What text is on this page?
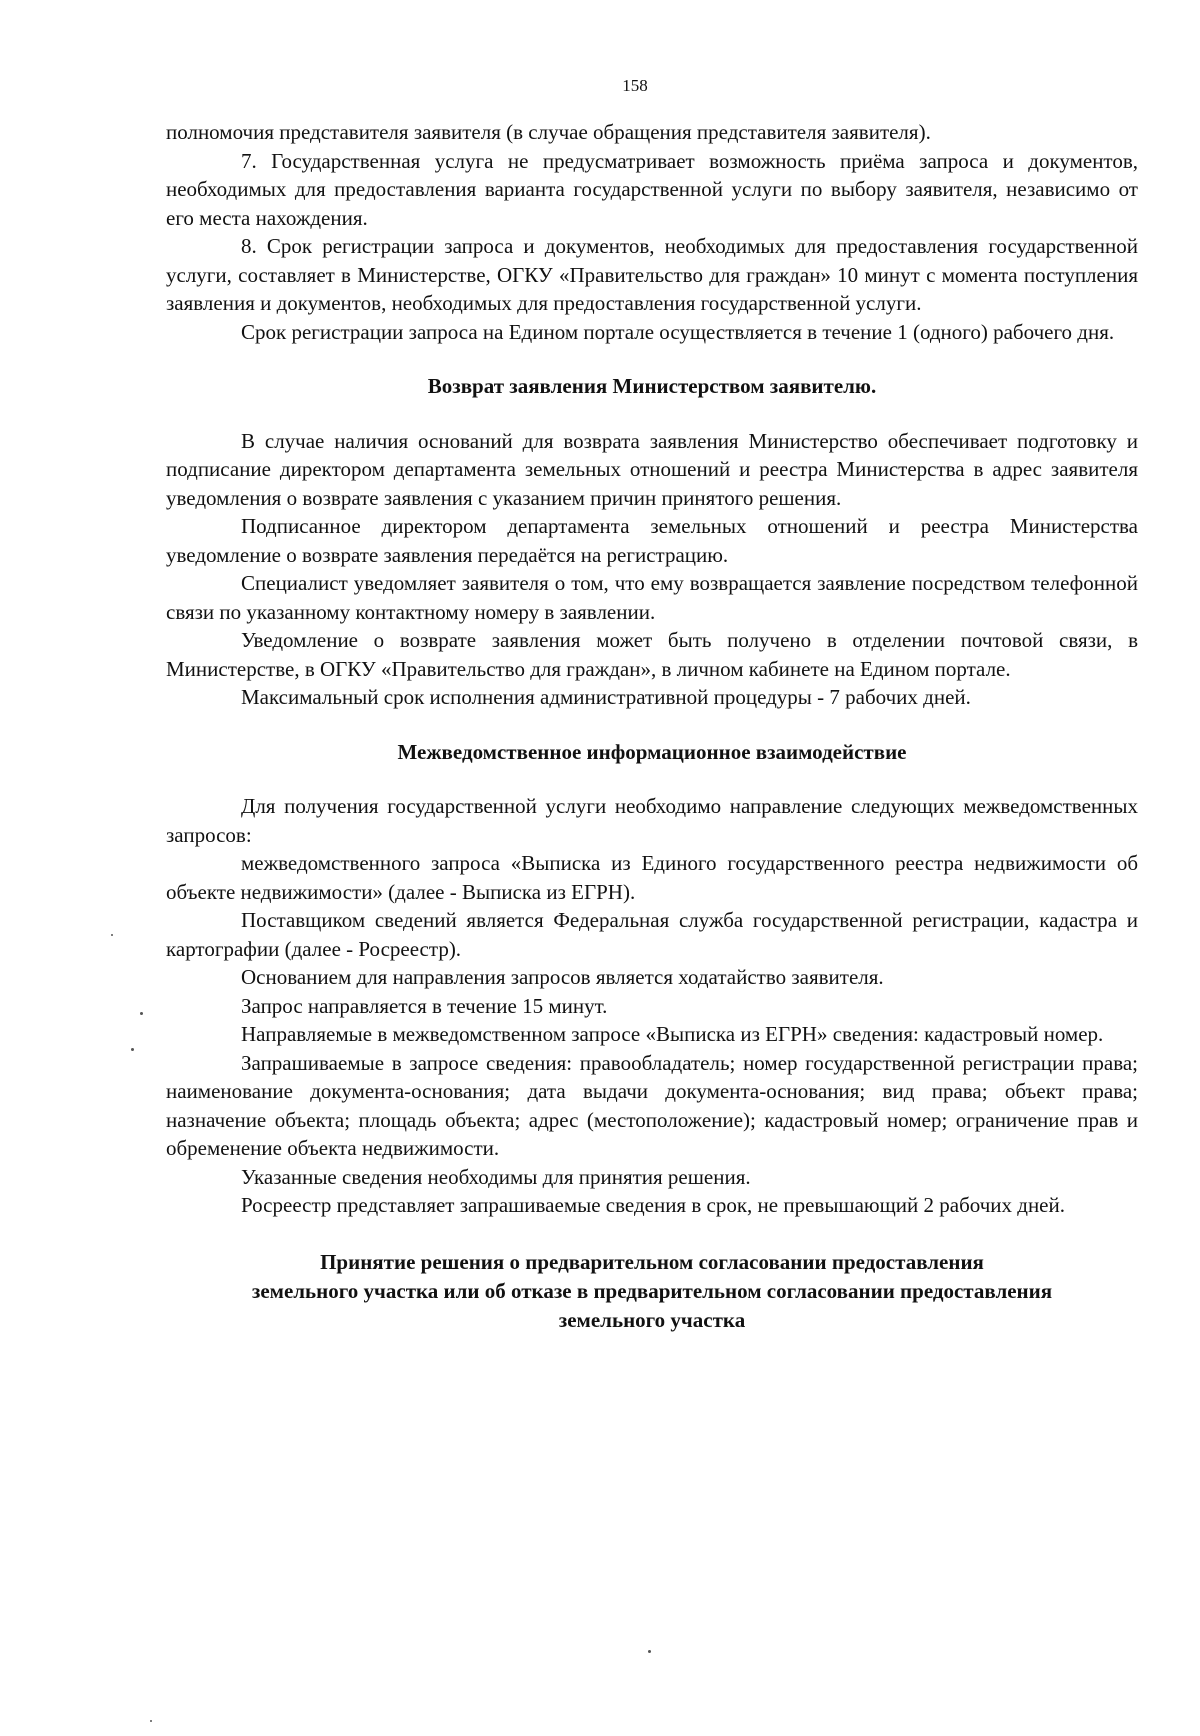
158

полномочия представителя заявителя (в случае обращения представителя заявителя).

7. Государственная услуга не предусматривает возможность приёма запроса и документов, необходимых для предоставления варианта государственной услуги по выбору заявителя, независимо от его места нахождения.

8. Срок регистрации запроса и документов, необходимых для предоставления государственной услуги, составляет в Министерстве, ОГКУ «Правительство для граждан» 10 минут с момента поступления заявления и документов, необходимых для предоставления государственной услуги.

Срок регистрации запроса на Едином портале осуществляется в течение 1 (одного) рабочего дня.

Возврат заявления Министерством заявителю.

В случае наличия оснований для возврата заявления Министерство обеспечивает подготовку и подписание директором департамента земельных отношений и реестра Министерства в адрес заявителя уведомления о возврате заявления с указанием причин принятого решения.

Подписанное директором департамента земельных отношений и реестра Министерства уведомление о возврате заявления передаётся на регистрацию.

Специалист уведомляет заявителя о том, что ему возвращается заявление посредством телефонной связи по указанному контактному номеру в заявлении.

Уведомление о возврате заявления может быть получено в отделении почтовой связи, в Министерстве, в ОГКУ «Правительство для граждан», в личном кабинете на Едином портале.

Максимальный срок исполнения административной процедуры - 7 рабочих дней.

Межведомственное информационное взаимодействие

Для получения государственной услуги необходимо направление следующих межведомственных запросов:

межведомственного запроса «Выписка из Единого государственного реестра недвижимости об объекте недвижимости» (далее - Выписка из ЕГРН).

Поставщиком сведений является Федеральная служба государственной регистрации, кадастра и картографии (далее - Росреестр).

Основанием для направления запросов является ходатайство заявителя.

Запрос направляется в течение 15 минут.

Направляемые в межведомственном запросе «Выписка из ЕГРН» сведения: кадастровый номер.

Запрашиваемые в запросе сведения: правообладатель; номер государственной регистрации права; наименование документа-основания; дата выдачи документа-основания; вид права; объект права; назначение объекта; площадь объекта; адрес (местоположение); кадастровый номер; ограничение прав и обременение объекта недвижимости.

Указанные сведения необходимы для принятия решения.

Росреестр представляет запрашиваемые сведения в срок, не превышающий 2 рабочих дней.

Принятие решения о предварительном согласовании предоставления
земельного участка или об отказе в предварительном согласовании предоставления
земельного участка
